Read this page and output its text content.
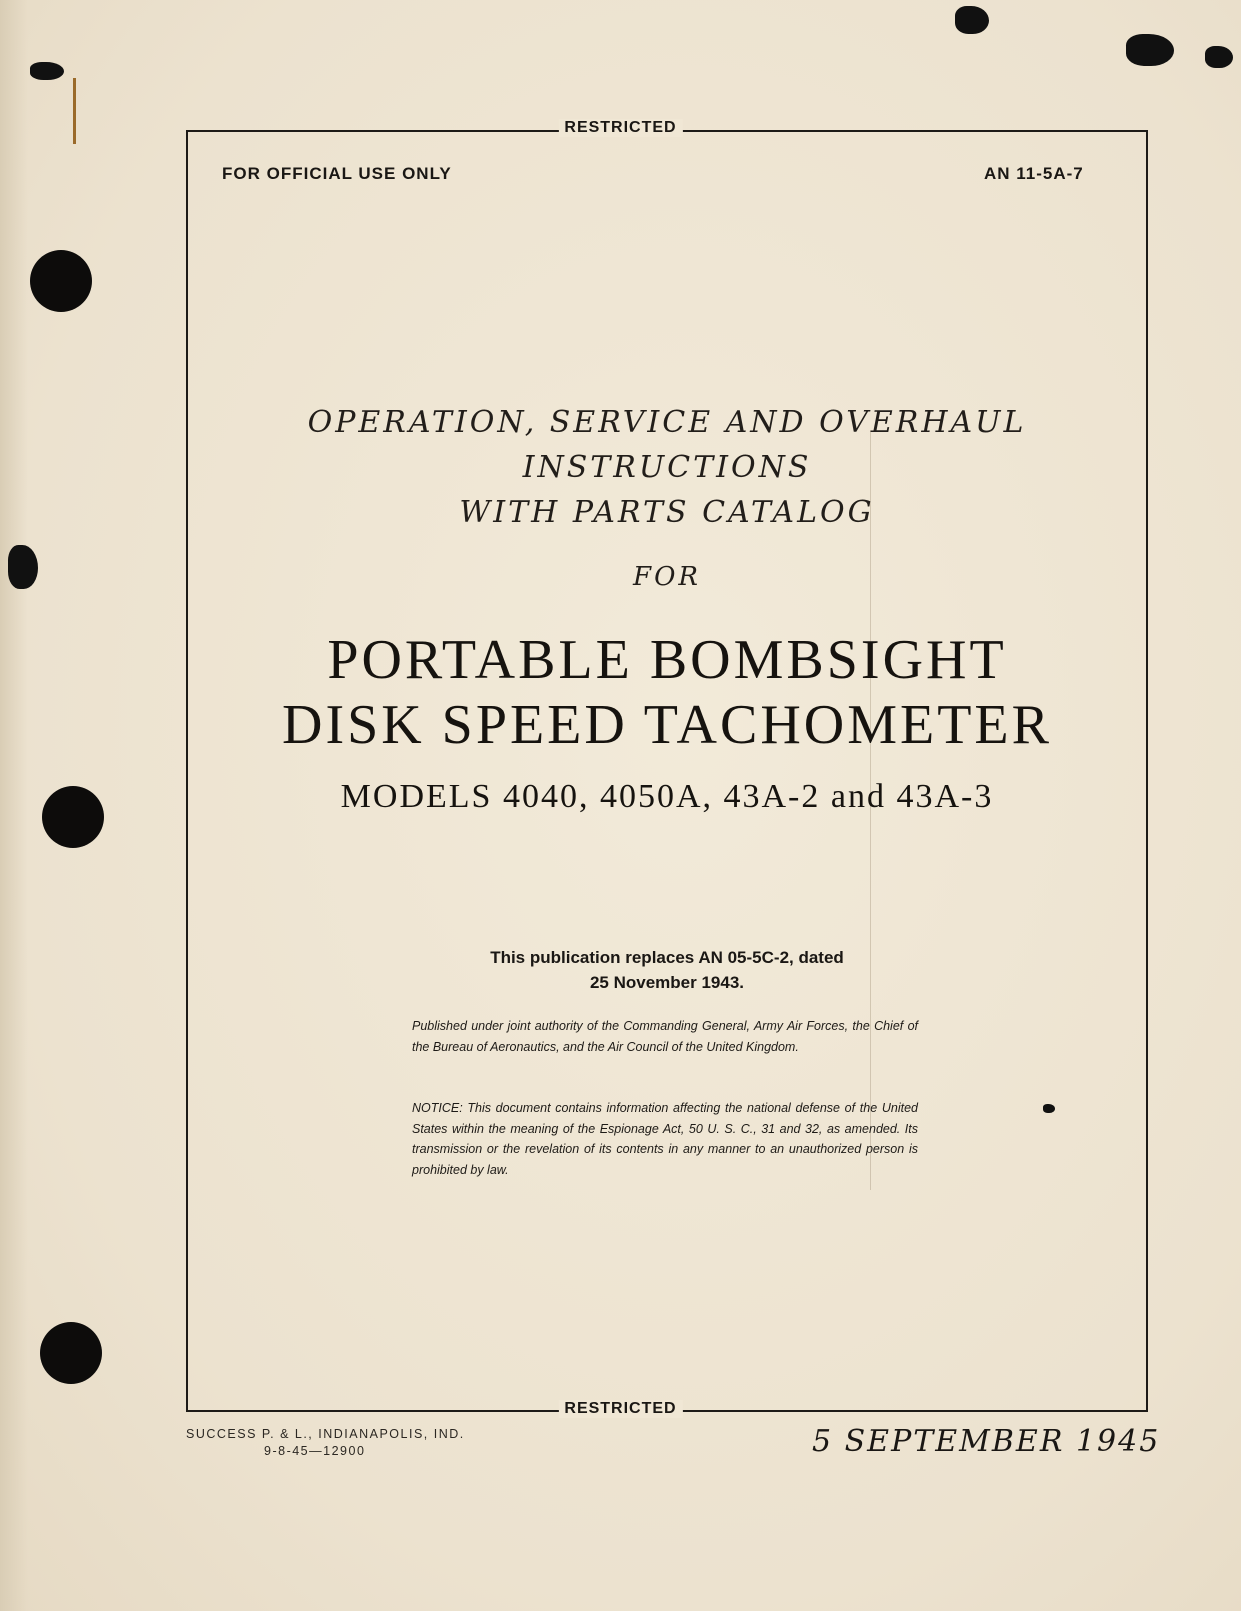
RESTRICTED
FOR OFFICIAL USE ONLY	AN 11-5A-7
OPERATION, SERVICE AND OVERHAUL
INSTRUCTIONS
WITH PARTS CATALOG
FOR
PORTABLE BOMBSIGHT
DISK SPEED TACHOMETER
MODELS 4040, 4050A, 43A-2 and 43A-3
This publication replaces AN 05-5C-2, dated
25 November 1943.
Published under joint authority of the Commanding General, Army Air Forces, the Chief of the Bureau of Aeronautics, and the Air Council of the United Kingdom.
NOTICE: This document contains information affecting the national defense of the United States within the meaning of the Espionage Act, 50 U. S. C., 31 and 32, as amended. Its transmission or the revelation of its contents in any manner to an unauthorized person is prohibited by law.
RESTRICTED
SUCCESS P. & L., INDIANAPOLIS, IND.
9-8-45—12900	5 SEPTEMBER 1945
